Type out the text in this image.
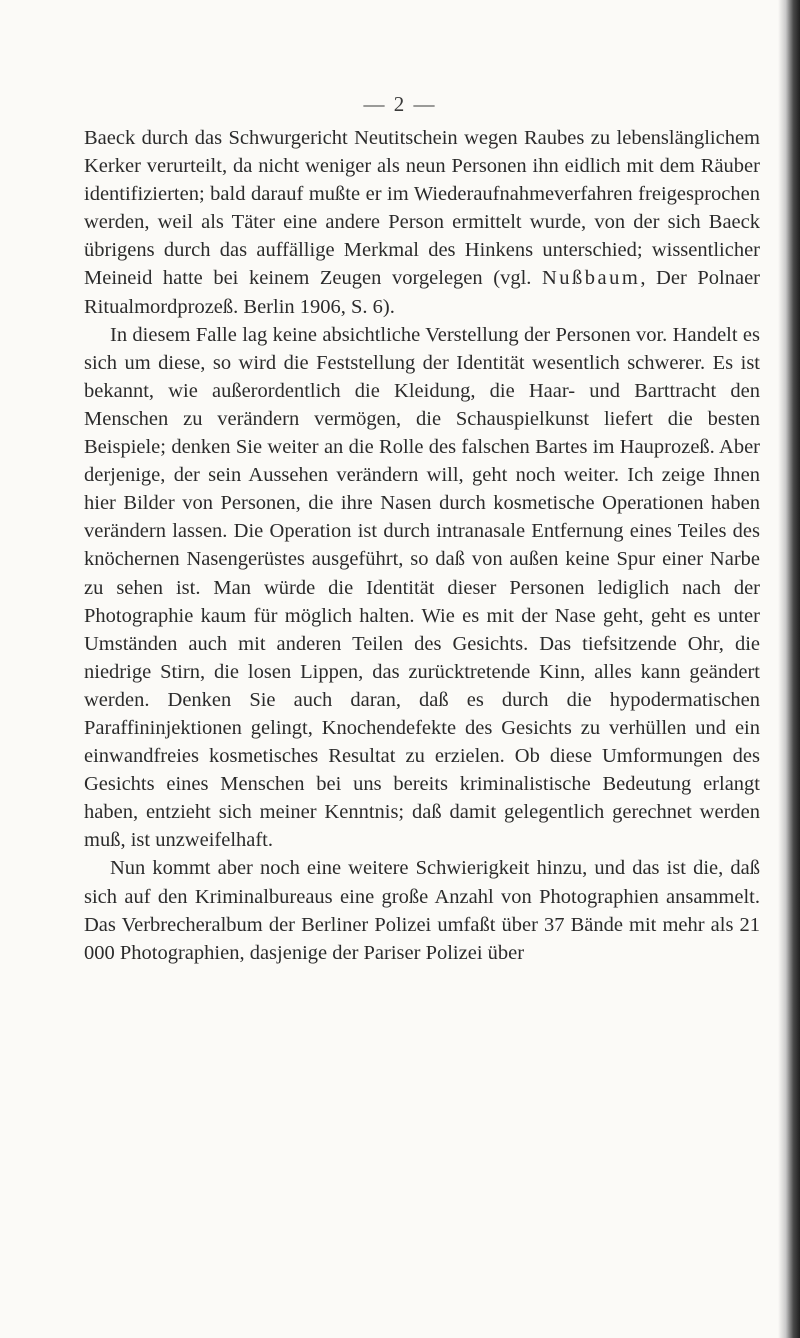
— 2 —

Baeck durch das Schwurgericht Neutitschein wegen Raubes zu lebenslänglichem Kerker verurteilt, da nicht weniger als neun Personen ihn eidlich mit dem Räuber identifizierten; bald darauf mußte er im Wiederaufnahmeverfahren freigesprochen werden, weil als Täter eine andere Person ermittelt wurde, von der sich Baeck übrigens durch das auffällige Merkmal des Hinkens unterschied; wissentlicher Meineid hatte bei keinem Zeugen vorgelegen (vgl. Nußbaum, Der Polnaer Ritualmordprozeß. Berlin 1906, S. 6).

In diesem Falle lag keine absichtliche Verstellung der Personen vor. Handelt es sich um diese, so wird die Feststellung der Identität wesentlich schwerer. Es ist bekannt, wie außerordentlich die Kleidung, die Haar- und Barttracht den Menschen zu verändern vermögen, die Schauspielkunst liefert die besten Beispiele; denken Sie weiter an die Rolle des falschen Bartes im Hauprozeß. Aber derjenige, der sein Aussehen verändern will, geht noch weiter. Ich zeige Ihnen hier Bilder von Personen, die ihre Nasen durch kosmetische Operationen haben verändern lassen. Die Operation ist durch intranasale Entfernung eines Teiles des knöchernen Nasengerüstes ausgeführt, so daß von außen keine Spur einer Narbe zu sehen ist. Man würde die Identität dieser Personen lediglich nach der Photographie kaum für möglich halten. Wie es mit der Nase geht, geht es unter Umständen auch mit anderen Teilen des Gesichts. Das tiefsitzende Ohr, die niedrige Stirn, die losen Lippen, das zurücktretende Kinn, alles kann geändert werden. Denken Sie auch daran, daß es durch die hypodermatischen Paraffininjektionen gelingt, Knochendefekte des Gesichts zu verhüllen und ein einwandfreies kosmetisches Resultat zu erzielen. Ob diese Umformungen des Gesichts eines Menschen bei uns bereits kriminalistische Bedeutung erlangt haben, entzieht sich meiner Kenntnis; daß damit gelegentlich gerechnet werden muß, ist unzweifelhaft.

Nun kommt aber noch eine weitere Schwierigkeit hinzu, und das ist die, daß sich auf den Kriminalbureaus eine große Anzahl von Photographien ansammelt. Das Verbrecheralbum der Berliner Polizei umfaßt über 37 Bände mit mehr als 21 000 Photographien, dasjenige der Pariser Polizei über
